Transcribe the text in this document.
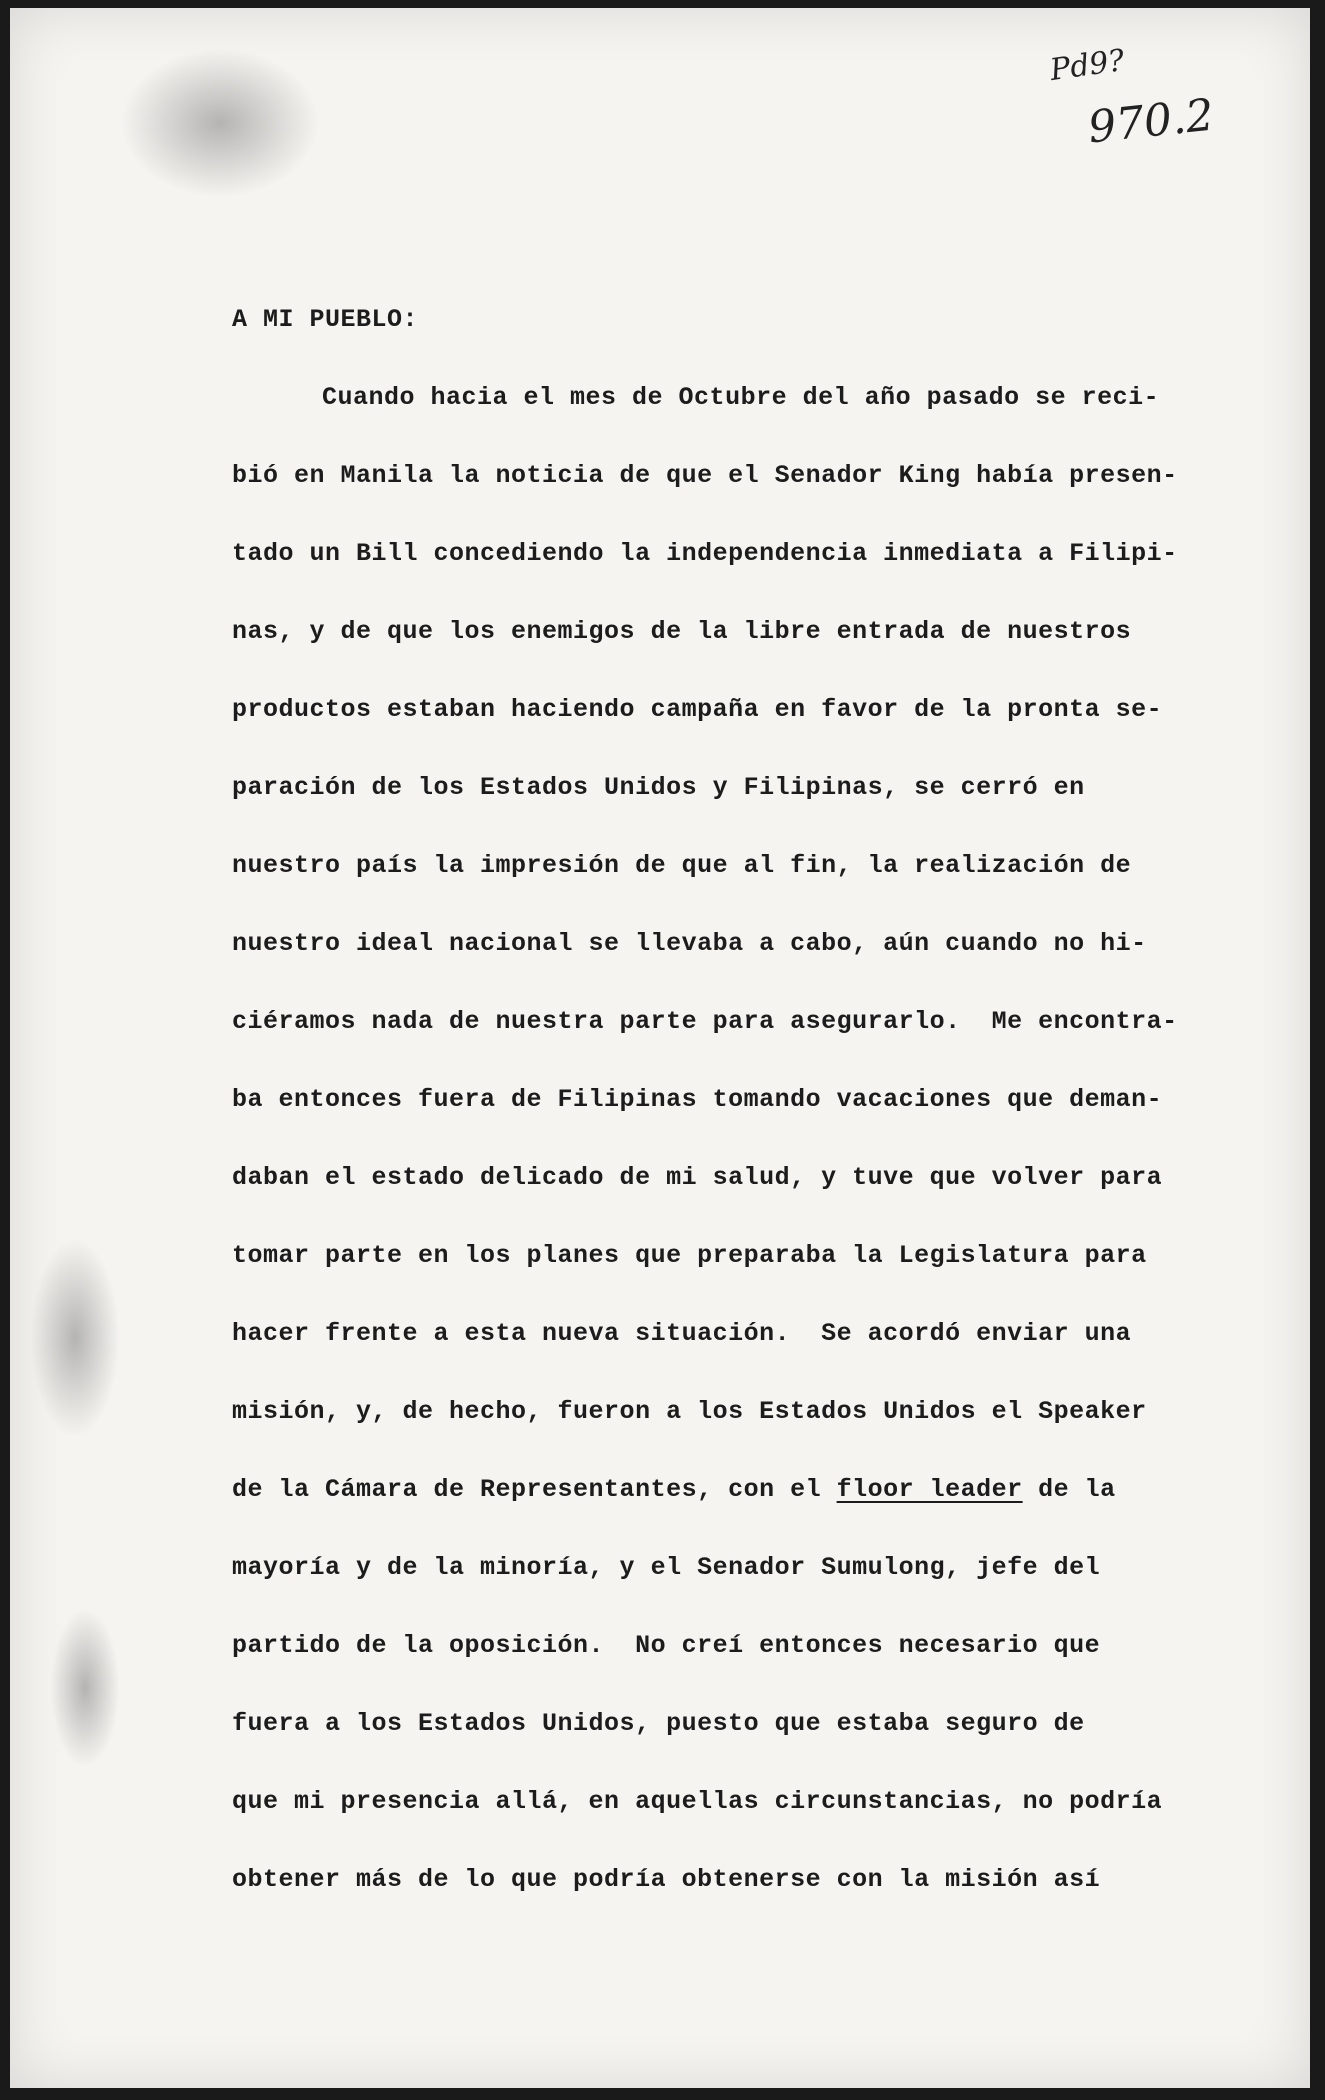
Pd9?
970.2
A MI PUEBLO:
Cuando hacia el mes de Octubre del año pasado se reci-
bió en Manila la noticia de que el Senador King había presen-
tado un Bill concediendo la independencia inmediata a Filipi-
nas, y de que los enemigos de la libre entrada de nuestros
productos estaban haciendo campaña en favor de la pronta se-
paración de los Estados Unidos y Filipinas, se cerró en
nuestro país la impresión de que al fin, la realización de
nuestro ideal nacional se llevaba a cabo, aún cuando no hi-
ciéramos nada de nuestra parte para asegurarlo.  Me encontra-
ba entonces fuera de Filipinas tomando vacaciones que deman-
daban el estado delicado de mi salud, y tuve que volver para
tomar parte en los planes que preparaba la Legislatura para
hacer frente a esta nueva situación.  Se acordó enviar una
misión, y, de hecho, fueron a los Estados Unidos el Speaker
de la Cámara de Representantes, con el floor leader de la
mayoría y de la minoría, y el Senador Sumulong, jefe del
partido de la oposición.  No creí entonces necesario que
fuera a los Estados Unidos, puesto que estaba seguro de
que mi presencia allá, en aquellas circunstancias, no podría
obtener más de lo que podría obtenerse con la misión así
